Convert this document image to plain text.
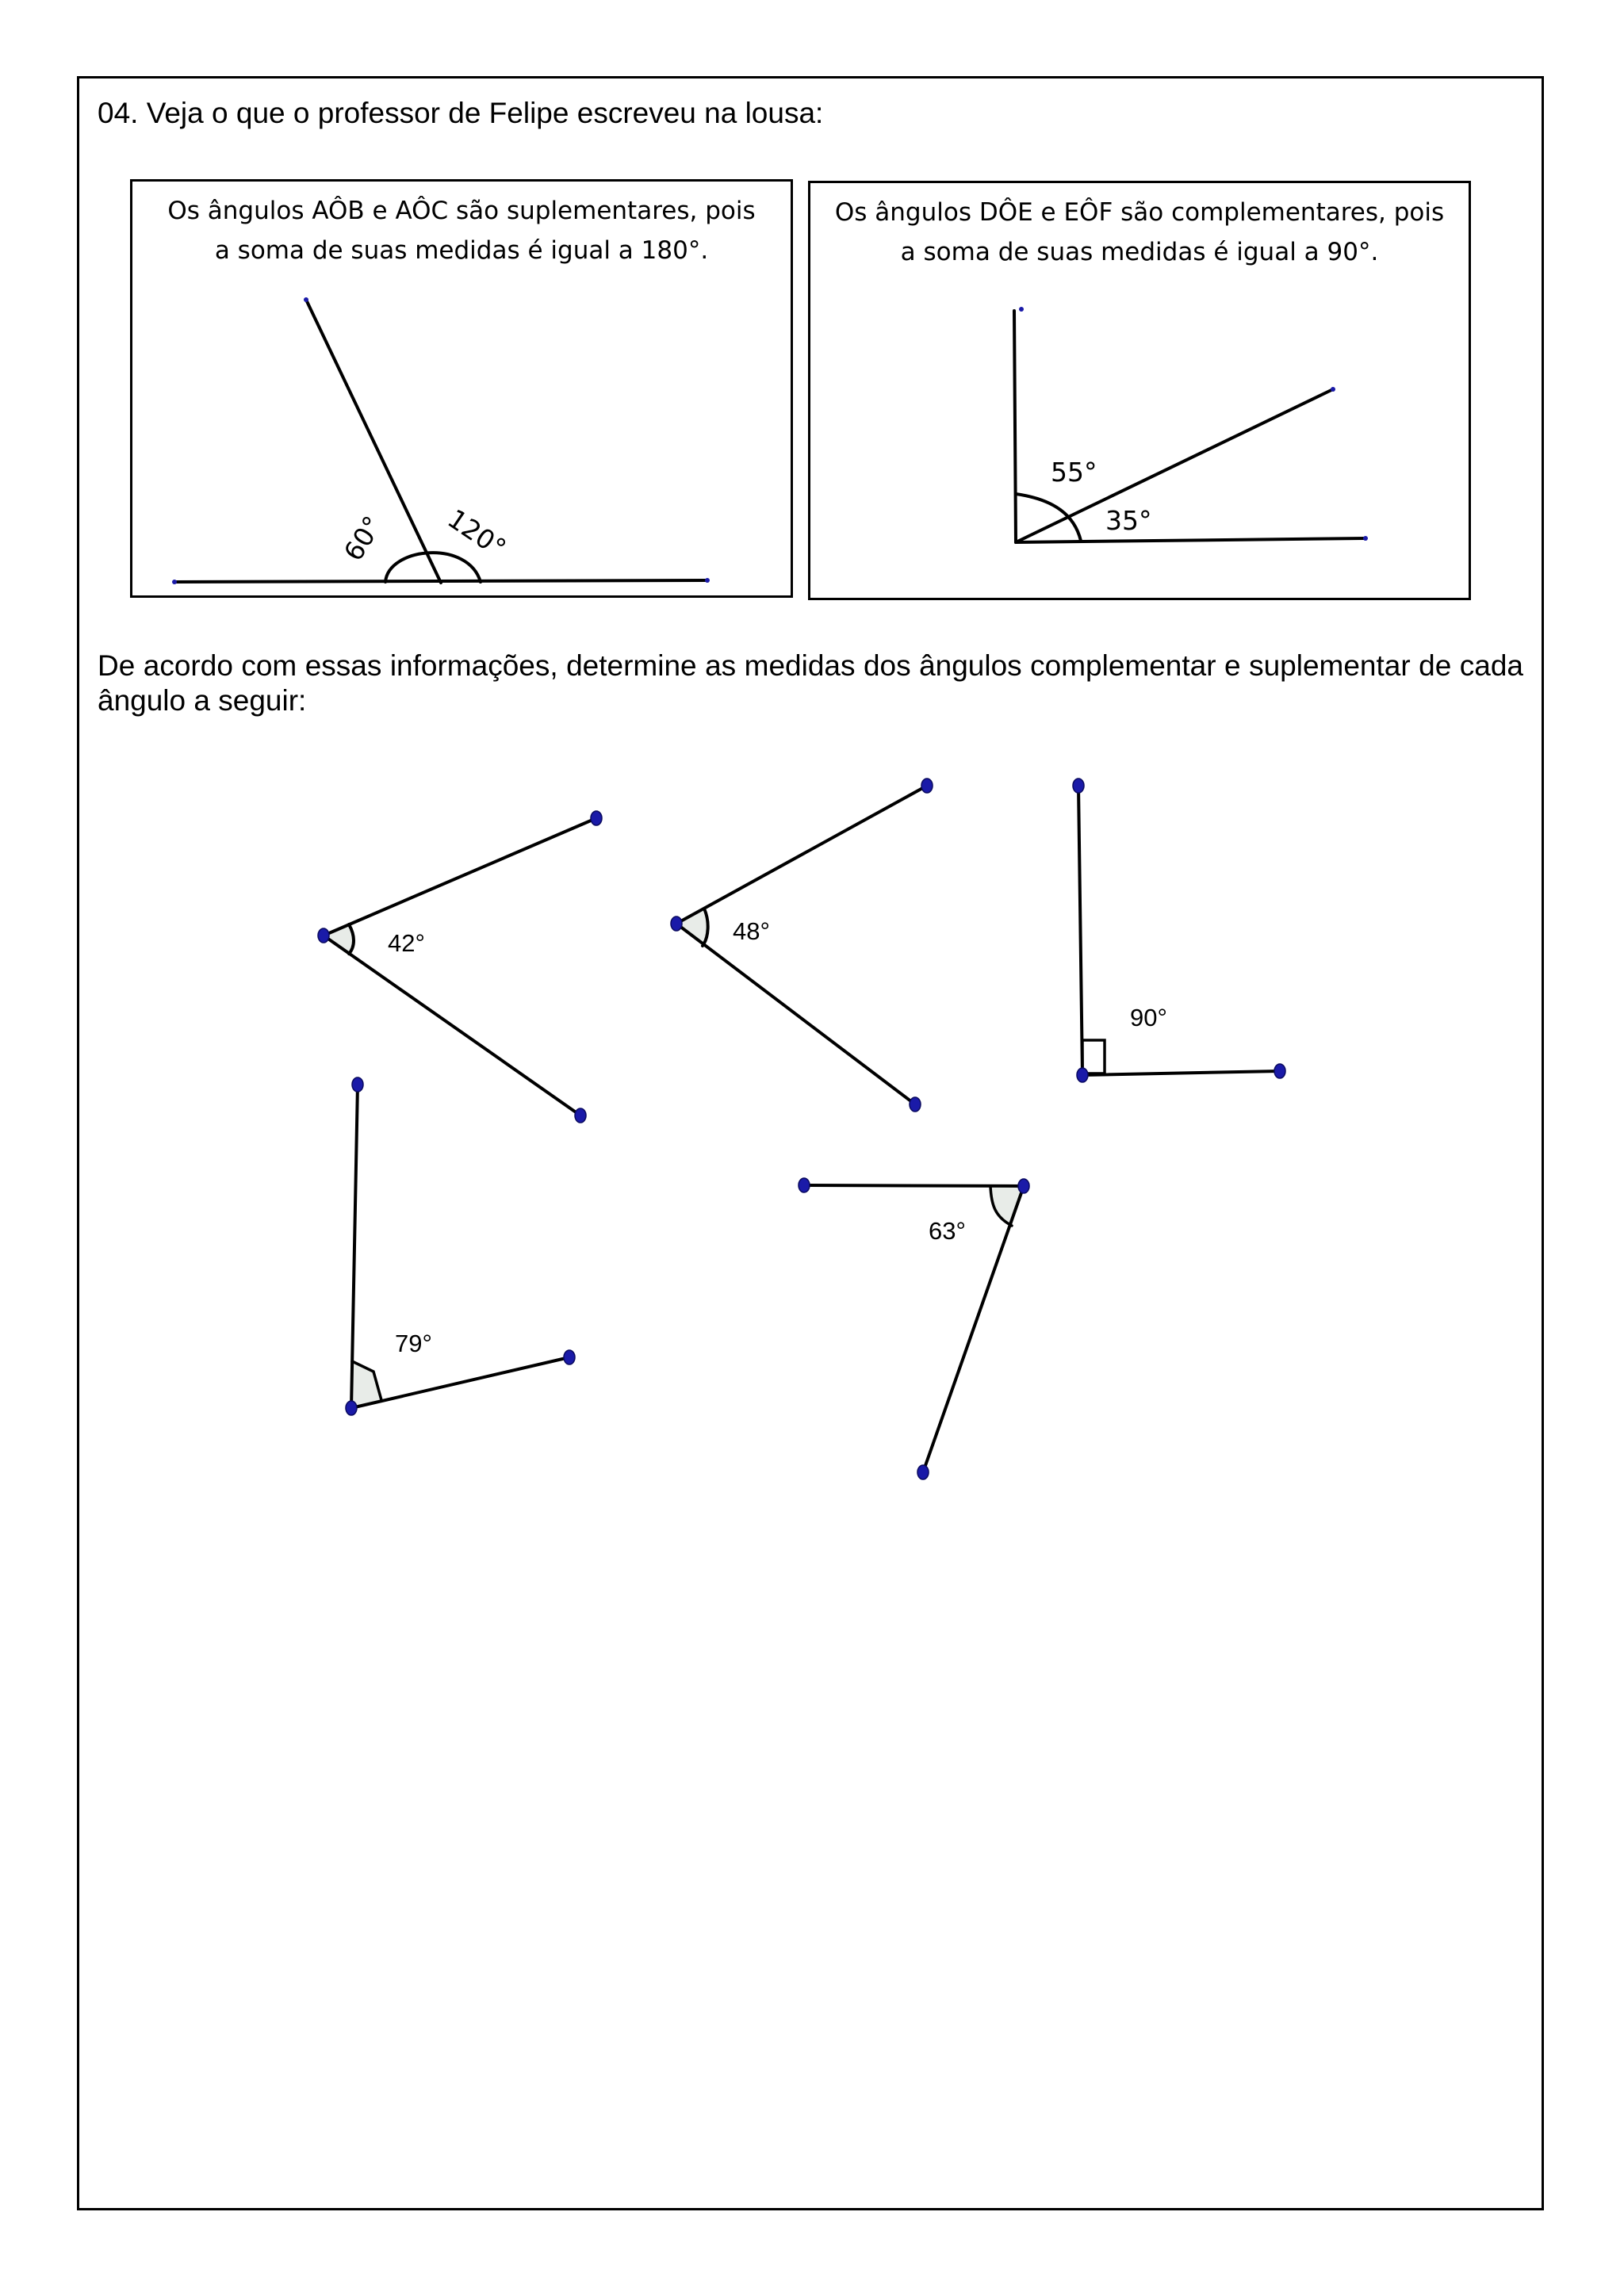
04. Veja o que o professor de Felipe escreveu na lousa:
Os ângulos AÔB e AÔC são suplementares, pois a soma de suas medidas é igual a 180°.
Os ângulos DÔE e EÔF são complementares, pois a soma de suas medidas é igual a 90°.
De acordo com essas informações, determine as medidas dos ângulos complementar e suplementar de cada ângulo a seguir:
60° 120°
55°
35°
42°	48°
90°
79°
63°
